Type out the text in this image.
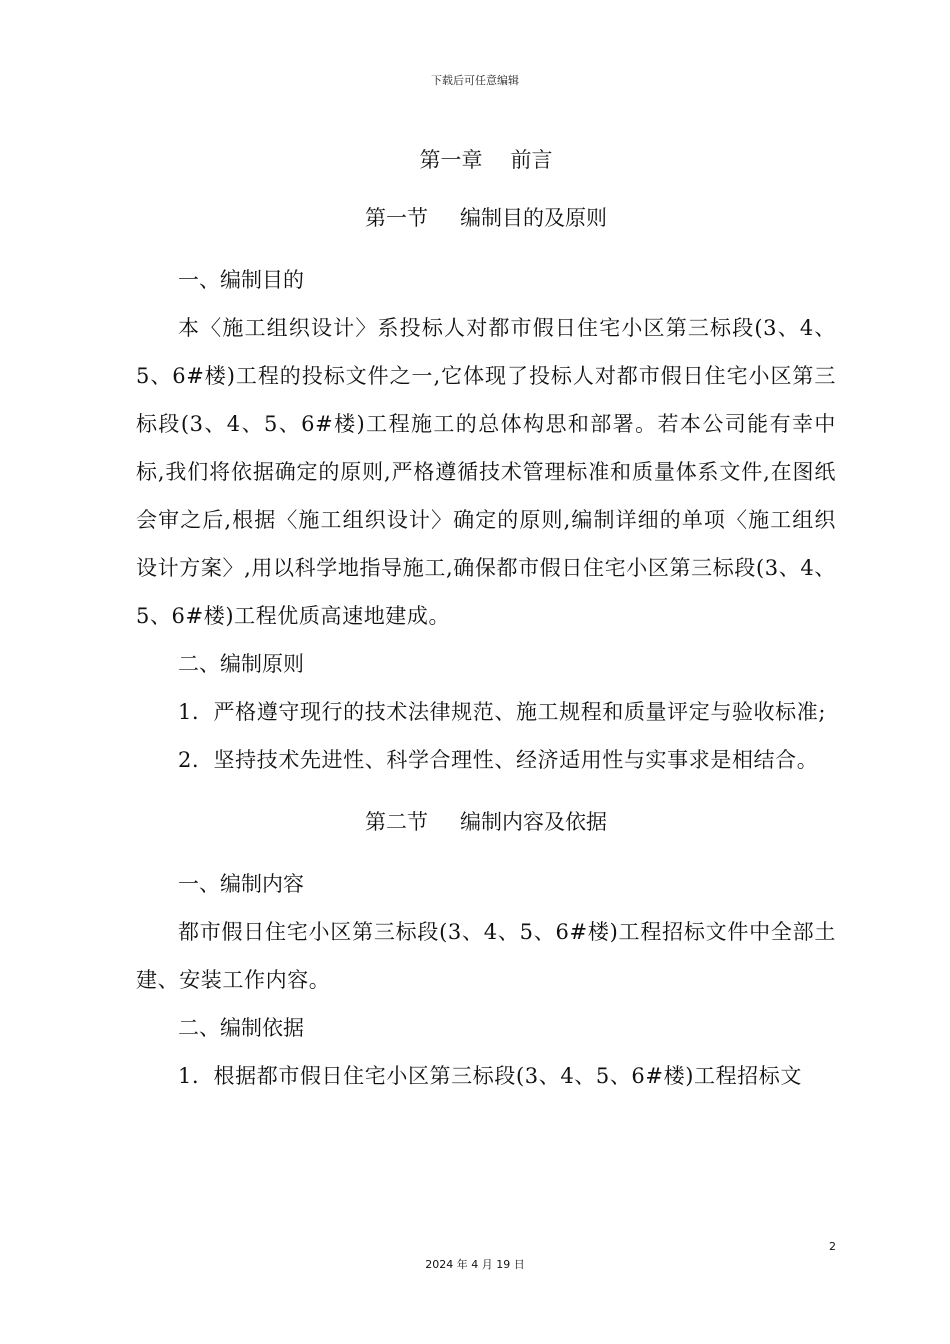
下载后可任意编辑
第一章 前言
第一节 编制目的及原则

一、编制目的

本〈施工组织设计〉系投标人对都市假日住宅小区第三标段(3、4、5、6#楼)工程的投标文件之一,它体现了投标人对都市假日住宅小区第三标段(3、4、5、6#楼)工程施工的总体构思和部署。若本公司能有幸中标,我们将依据确定的原则,严格遵循技术管理标准和质量体系文件,在图纸会审之后,根据〈施工组织设计〉确定的原则,编制详细的单项〈施工组织设计方案〉,用以科学地指导施工,确保都市假日住宅小区第三标段(3、4、5、6#楼)工程优质高速地建成。

二、编制原则

1．严格遵守现行的技术法律规范、施工规程和质量评定与验收标准;

2．坚持技术先进性、科学合理性、经济适用性与实事求是相结合。

第二节 编制内容及依据

一、编制内容

都市假日住宅小区第三标段(3、4、5、6#楼)工程招标文件中全部土建、安装工作内容。

二、编制依据

1．根据都市假日住宅小区第三标段(3、4、5、6#楼)工程招标文

2
2024 年 4 月 19 日
